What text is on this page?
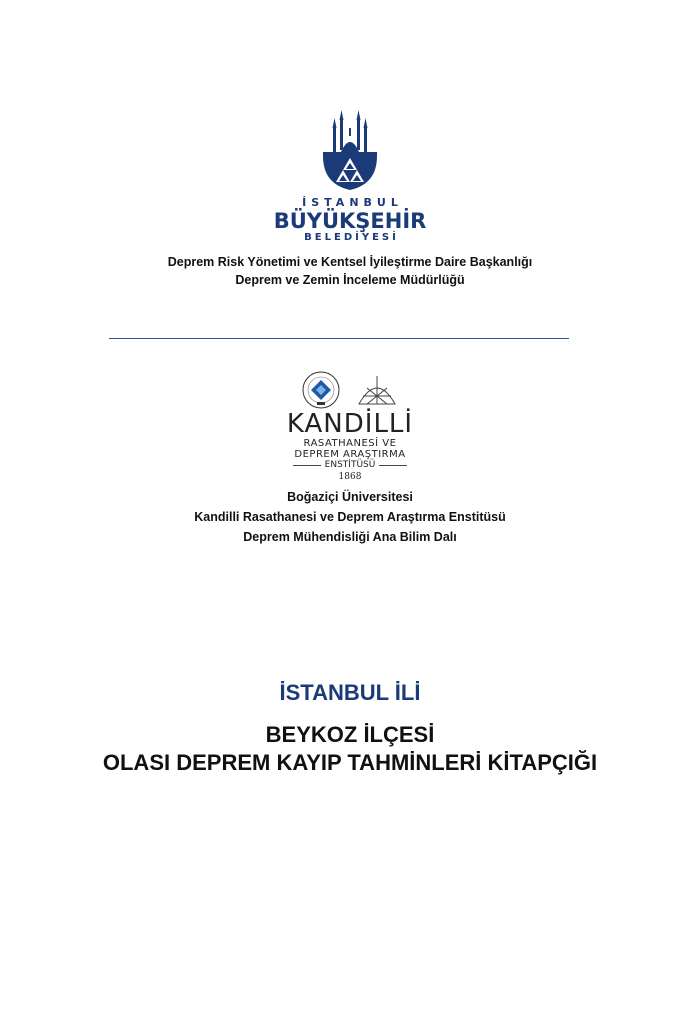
İSTANBUL
BÜYÜKŞEHİR
BELEDİYESİ
Deprem Risk Yönetimi ve Kentsel İyileştirme Daire Başkanlığı
Deprem ve Zemin İnceleme Müdürlüğü
KANDİLLİ
RASATHANESİ VE
DEPREM ARAŞTIRMA
ENSTİTÜSÜ
1868
Boğaziçi Üniversitesi
Kandilli Rasathanesi ve Deprem Araştırma Enstitüsü
Deprem Mühendisliği Ana Bilim Dalı
İSTANBUL İLİ
BEYKOZ İLÇESİ
OLASI DEPREM KAYIP TAHMİNLERİ KİTAPÇIĞI
